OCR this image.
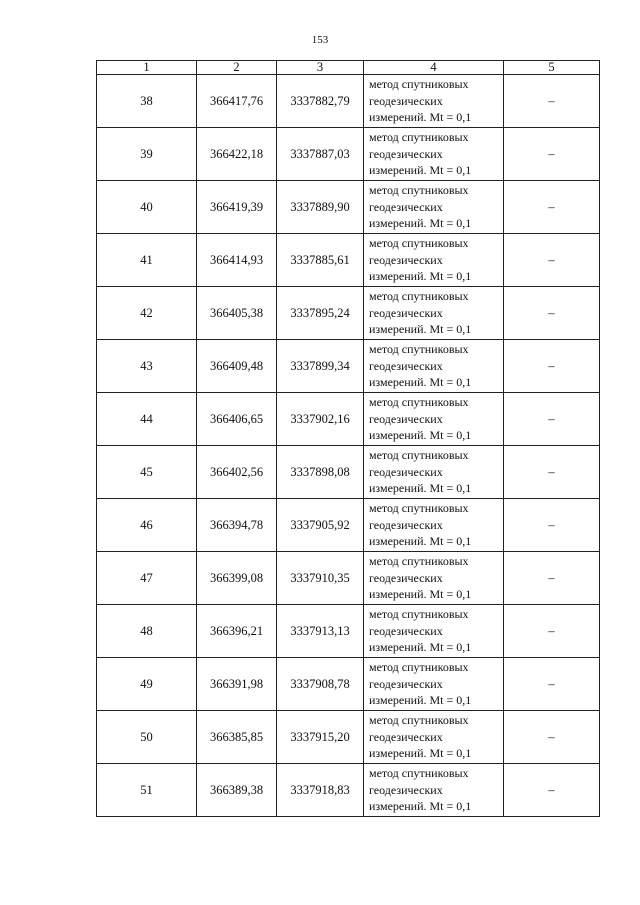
153
1	2	3	4	5
38	366417,76	3337882,79	метод спутниковых
геодезических
измерений. Mt = 0,1	–
39	366422,18	3337887,03	метод спутниковых
геодезических
измерений. Mt = 0,1	–
40	366419,39	3337889,90	метод спутниковых
геодезических
измерений. Mt = 0,1	–
41	366414,93	3337885,61	метод спутниковых
геодезических
измерений. Mt = 0,1	–
42	366405,38	3337895,24	метод спутниковых
геодезических
измерений. Mt = 0,1	–
43	366409,48	3337899,34	метод спутниковых
геодезических
измерений. Mt = 0,1	–
44	366406,65	3337902,16	метод спутниковых
геодезических
измерений. Mt = 0,1	–
45	366402,56	3337898,08	метод спутниковых
геодезических
измерений. Mt = 0,1	–
46	366394,78	3337905,92	метод спутниковых
геодезических
измерений. Mt = 0,1	–
47	366399,08	3337910,35	метод спутниковых
геодезических
измерений. Mt = 0,1	–
48	366396,21	3337913,13	метод спутниковых
геодезических
измерений. Mt = 0,1	–
49	366391,98	3337908,78	метод спутниковых
геодезических
измерений. Mt = 0,1	–
50	366385,85	3337915,20	метод спутниковых
геодезических
измерений. Mt = 0,1	–
51	366389,38	3337918,83	метод спутниковых
геодезических
измерений. Mt = 0,1	–
